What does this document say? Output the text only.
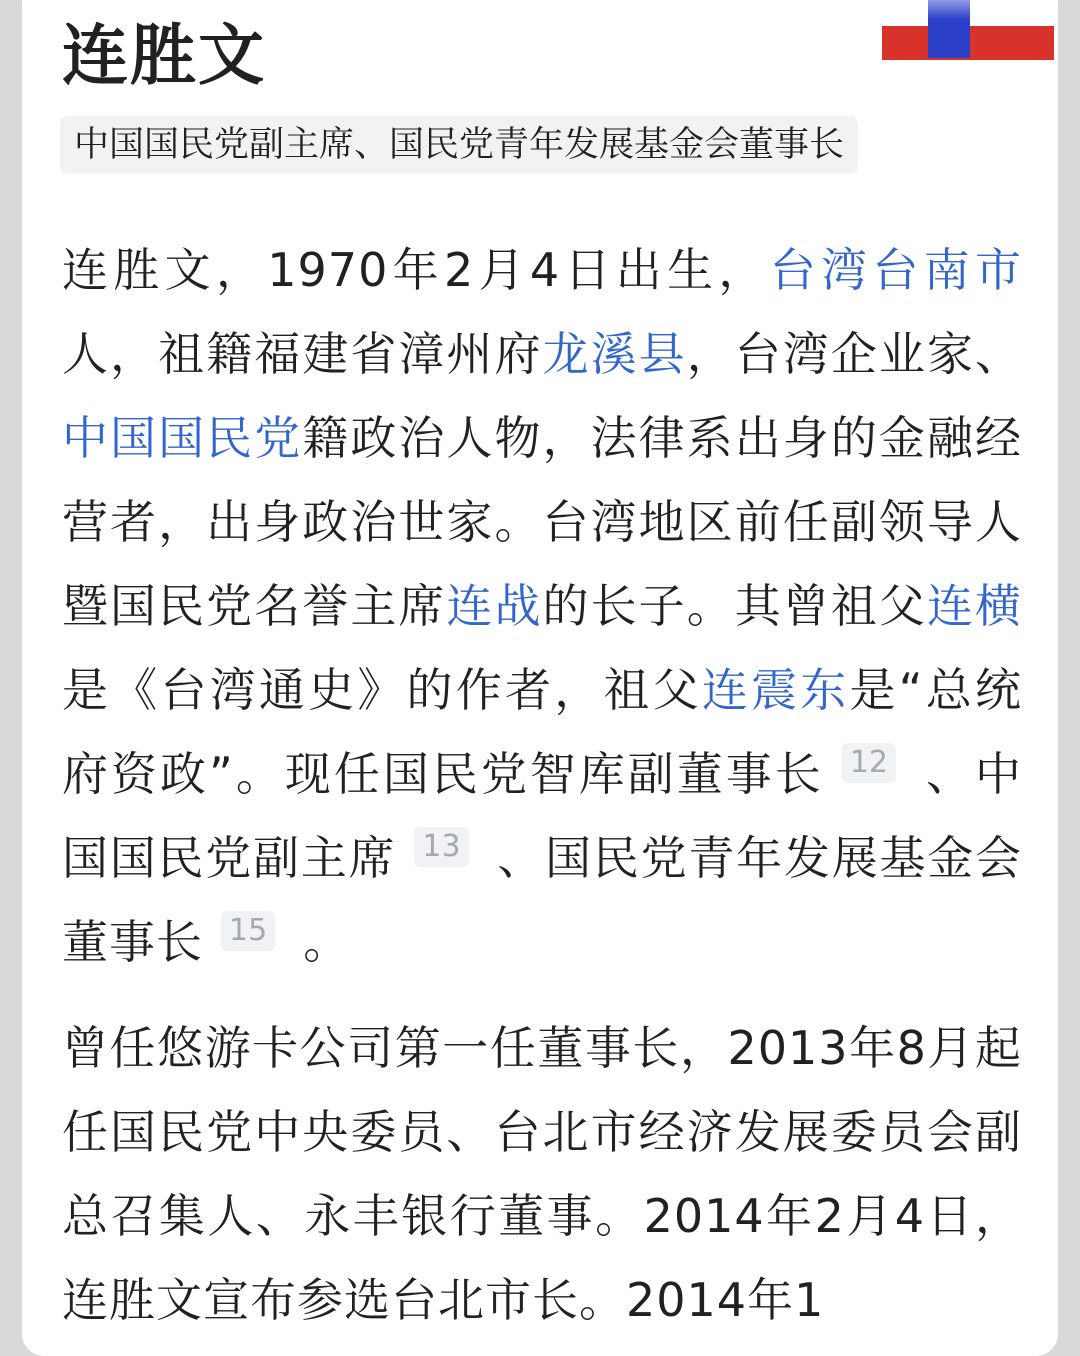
连胜文
中国国民党副主席、国民党青年发展基金会董事长

连胜文，1970年2月4日出生，台湾台南市人，祖籍福建省漳州府龙溪县，台湾企业家、中国国民党籍政治人物，法律系出身的金融经营者，出身政治世家。台湾地区前任副领导人暨国民党名誉主席连战的长子。其曾祖父连横是《台湾通史》的作者，祖父连震东是“总统府资政”。现任国民党智库副董事长 12 、中国国民党副主席 13 、国民党青年发展基金会董事长 15 。

曾任悠游卡公司第一任董事长，2013年8月起任国民党中央委员、台北市经济发展委员会副总召集人、永丰银行董事。2014年2月4日，连胜文宣布参选台北市长。2014年1
